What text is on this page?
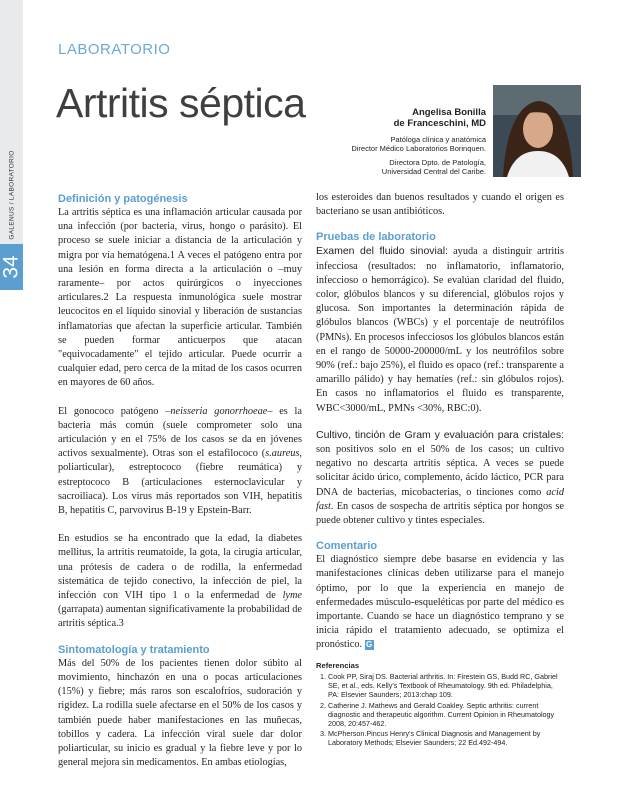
GALENUS / LABORATORIO
34
LABORATORIO
Artritis séptica	Angelisa Bonilla
de Franceschini, MD
Patóloga clínica y anatómica
Director Médico Laboratorios Borinquen.
Directora Dpto. de Patología,
Universidad Central del Caribe.

Definición y patogénesis

La artritis séptica es una inflamación articular causada por una infección (por bacteria, virus, hongo o parásito). El proceso se suele iniciar a distancia de la articulación y migra por vía hematógena.1 A veces el patógeno entra por una lesión en forma directa a la articulación o –muy raramente– por actos quirúrgicos o inyecciones articulares.2 La respuesta inmunológica suele mostrar leucocitos en el líquido sinovial y liberación de sustancias inflamatorias que afectan la superficie articular. También se pueden formar anticuerpos que atacan "equivocadamente" el tejido articular. Puede ocurrir a cualquier edad, pero cerca de la mitad de los casos ocurren en mayores de 60 años.

El gonococo patógeno –neisseria gonorrhoeae– es la bacteria más común (suele comprometer solo una articulación y en el 75% de los casos se da en jóvenes activos sexualmente). Otras son el estafilococo (s.aureus, poliarticular), estreptococo (fiebre reumática) y estreptococo B (articulaciones esternoclavicular y sacroiliaca). Los virus más reportados son VIH, hepatitis B, hepatitis C, parvovirus B-19 y Epstein-Barr.

En estudios se ha encontrado que la edad, la diabetes mellitus, la artritis reumatoide, la gota, la cirugía articular, una prótesis de cadera o de rodilla, la enfermedad sistemática de tejido conectivo, la infección de piel, la infección con VIH tipo 1 o la enfermedad de lyme (garrapata) aumentan significativamente la probabilidad de artritis séptica.3

Sintomatología y tratamiento

Más del 50% de los pacientes tienen dolor súbito al movimiento, hinchazón en una o pocas articulaciones (15%) y fiebre; más raros son escalofríos, sudoración y rigidez. La rodilla suele afectarse en el 50% de los casos y también puede haber manifestaciones en las muñecas, tobillos y cadera. La infección viral suele dar dolor poliarticular, su inicio es gradual y la fiebre leve y por lo general mejora sin medicamentos. En ambas etiologías,

los esteroides dan buenos resultados y cuando el origen es bacteriano se usan antibióticos.

Pruebas de laboratorio

Examen del fluido sinovial: ayuda a distinguir artritis infecciosa (resultados: no inflamatorio, inflamatorio, infeccioso o hemorrágico). Se evalúan claridad del fluido, color, glóbulos blancos y su diferencial, glóbulos rojos y glucosa. Son importantes la determinación rápida de glóbulos blancos (WBCs) y el porcentaje de neutrófilos (PMNs). En procesos infecciosos los glóbulos blancos están en el rango de 50000-200000/mL y los neutrófilos sobre 90% (ref.: bajo 25%), el fluido es opaco (ref.: transparente a amarillo pálido) y hay hematíes (ref.: sin glóbulos rojos). En casos no inflamatorios el fluido es transparente, WBC<3000/mL, PMNs <30%, RBC:0).

Cultivo, tinción de Gram y evaluación para cristales: son positivos solo en el 50% de los casos; un cultivo negativo no descarta artritis séptica. A veces se puede solicitar ácido úrico, complemento, ácido láctico, PCR para DNA de bacterias, micobacterias, o tinciones como acid fast. En casos de sospecha de artritis séptica por hongos se puede obtener cultivo y tintes especiales.

Comentario

El diagnóstico siempre debe basarse en evidencia y las manifestaciones clínicas deben utilizarse para el manejo óptimo, por lo que la experiencia en manejo de enfermedades músculo-esqueléticas por parte del médico es importante. Cuando se hace un diagnóstico temprano y se inicia rápido el tratamiento adecuado, se optimiza el pronóstico. G

Referencias
1. Cook PP, Siraj DS. Bacterial arthritis. In: Firestein GS, Budd RC, Gabriel SE, et al., eds. Kelly's Textbook of Rheumatology. 9th ed. Philadelphia, PA: Elsevier Saunders; 2013:chap 109.
2. Catherine J. Mathews and Gerald Coakley. Septic arthritis: current diagnostic and therapeutic algorithm. Current Opinion in Rheumatology 2008, 20:457-462.
3. McPherson.Pincus Henry's Clinical Diagnosis and Management by Laboratory Methods; Elsevier Saunders; 22 Ed.492-494.
